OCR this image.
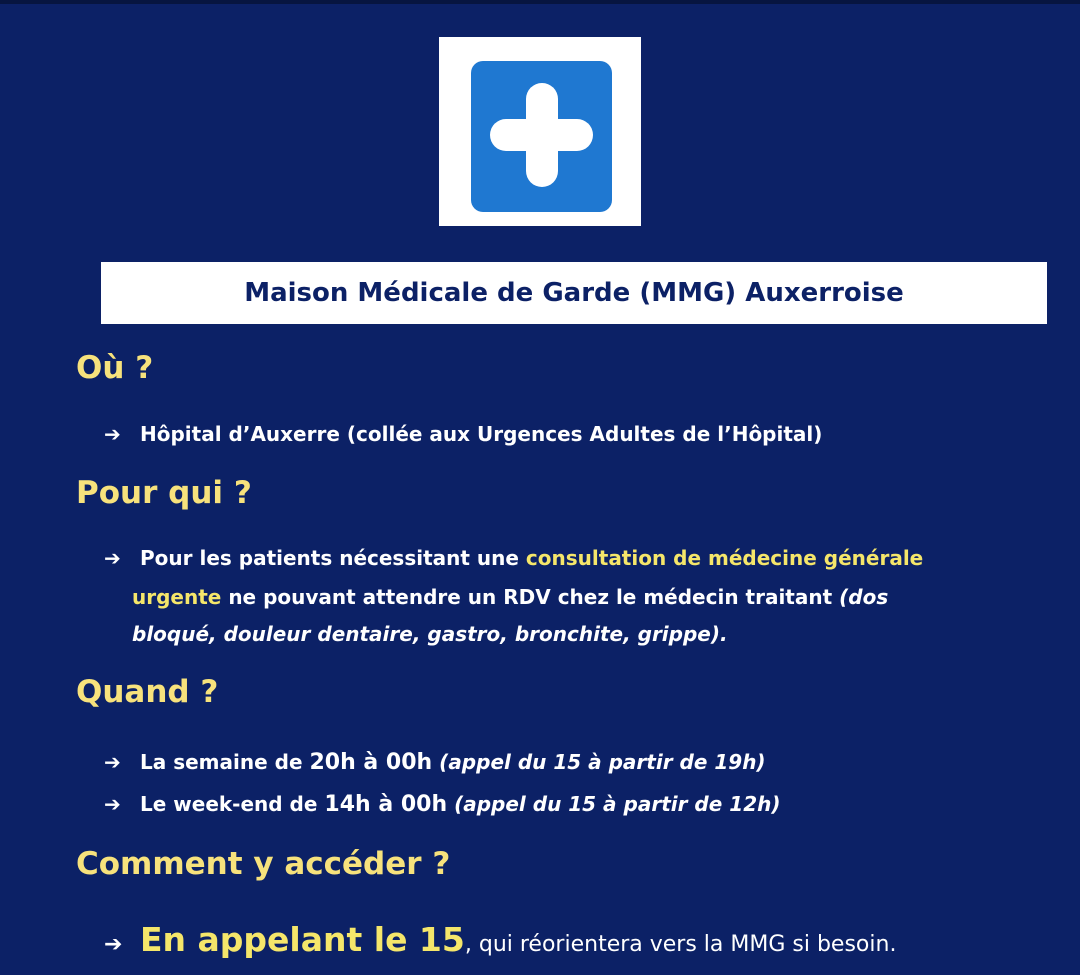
Maison Médicale de Garde (MMG) Auxerroise
Où ?
➔ Hôpital d’Auxerre (collée aux Urgences Adultes de l’Hôpital)
Pour qui ?
➔ Pour les patients nécessitant une consultation de médecine générale
urgente ne pouvant attendre un RDV chez le médecin traitant (dos
bloqué, douleur dentaire, gastro, bronchite, grippe).
Quand ?
➔ La semaine de 20h à 00h (appel du 15 à partir de 19h)
➔ Le week-end de 14h à 00h (appel du 15 à partir de 12h)
Comment y accéder ?
➔ En appelant le 15, qui réorientera vers la MMG si besoin.
